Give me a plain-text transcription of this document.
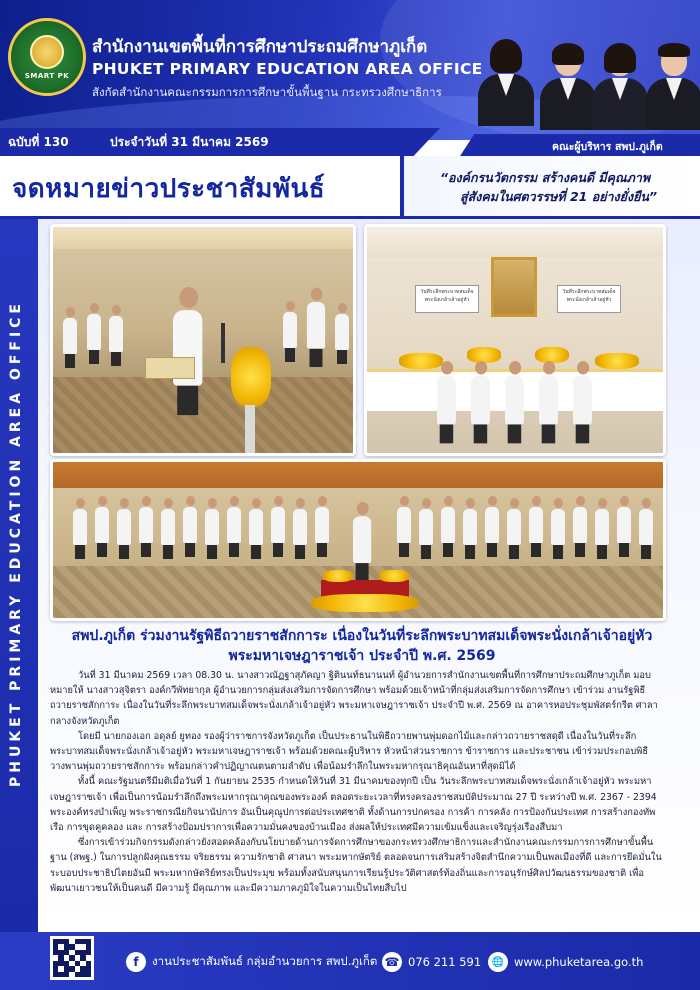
SMART PK
สำนักงานเขตพื้นที่การศึกษาประถมศึกษาภูเก็ต
PHUKET PRIMARY EDUCATION AREA OFFICE
สังกัดสำนักงานคณะกรรมการการศึกษาขั้นพื้นฐาน กระทรวงศึกษาธิการ
ฉบับที่ 130	ประจำวันที่ 31 มีนาคม 2569	คณะผู้บริหาร สพป.ภูเก็ต
จดหมายข่าวประชาสัมพันธ์	“องค์กรนวัตกรรม สร้างคนดี มีคุณภาพ
สู่สังคมในศตวรรษที่ 21 อย่างยั่งยืน”
PHUKET PRIMARY EDUCATION AREA OFFICE
วันที่ระลึกพระบาทสมเด็จพระนั่งเกล้าเจ้าอยู่หัว
วันที่ระลึกพระบาทสมเด็จพระนั่งเกล้าเจ้าอยู่หัว
สพป.ภูเก็ต ร่วมงานรัฐพิธีถวายราชสักการะ เนื่องในวันที่ระลึกพระบาทสมเด็จพระนั่งเกล้าเจ้าอยู่หัว
พระมหาเจษฎาราชเจ้า ประจำปี พ.ศ. 2569

วันที่ 31 มีนาคม 2569 เวลา 08.30 น. นางสาวณัฏฐาสุภัคญา ฐิตินนท์ธนานนท์ ผู้อำนวยการสำนักงานเขตพื้นที่การศึกษาประถมศึกษาภูเก็ต มอบหมายให้ นางสาวสุจิตรา องค์กวีพัทยากุล ผู้อำนวยการกลุ่มส่งเสริมการจัดการศึกษา พร้อมด้วยเจ้าหน้าที่กลุ่มส่งเสริมการจัดการศึกษา เข้าร่วม งานรัฐพิธีถวายราชสักการะ เนื่องในวันที่ระลึกพระบาทสมเด็จพระนั่งเกล้าเจ้าอยู่หัว พระมหาเจษฎาราชเจ้า ประจำปี พ.ศ. 2569 ณ อาคารหอประชุมพัสตร์กรีต ศาลากลางจังหวัดภูเก็ต

โดยมี นายกองเอก อดุลย์ ยูทอง รองผู้ว่าราชการจังหวัดภูเก็ต เป็นประธานในพิธีถวายพานพุ่มดอกไม้และกล่าวถวายราชสดุดี เนื่องในวันที่ระลึกพระบาทสมเด็จพระนั่งเกล้าเจ้าอยู่หัว พระมหาเจษฎาราชเจ้า พร้อมด้วยคณะผู้บริหาร หัวหน้าส่วนราชการ ข้าราชการ และประชาชน เข้าร่วมประกอบพิธี วางพานพุ่มถวายราชสักการะ พร้อมกล่าวคำปฏิญาณตนตามลำดับ เพื่อน้อมรำลึกในพระมหากรุณาธิคุณอันหาที่สุดมิได้

ทั้งนี้ คณะรัฐมนตรีมีมติเมื่อวันที่ 1 กันยายน 2535 กำหนดให้วันที่ 31 มีนาคมของทุกปี เป็น วันระลึกพระบาทสมเด็จพระนั่งเกล้าเจ้าอยู่หัว พระมหาเจษฎาราชเจ้า เพื่อเป็นการน้อมรำลึกถึงพระมหากรุณาคุณของพระองค์ ตลอดระยะเวลาที่ทรงครองราชสมบัติประมาณ 27 ปี ระหว่างปี พ.ศ. 2367 - 2394 พระองค์ทรงบำเพ็ญ พระราชกรณียกิจนานัปการ อันเป็นคุณูปการต่อประเทศชาติ ทั้งด้านการปกครอง การค้า การคลัง การป้องกันประเทศ การสร้างกองทัพเรือ การขุดคูคลอง และ การสร้างป้อมปราการเพื่อความมั่นคงของบ้านเมือง ส่งผลให้ประเทศมีความเข้มแข็งและเจริญรุ่งเรืองสืบมา

ซึ่งการเข้าร่วมกิจกรรมดังกล่าวยังสอดคล้องกับนโยบายด้านการจัดการศึกษาของกระทรวงศึกษาธิการและสำนักงานคณะกรรมการการศึกษาขั้นพื้นฐาน (สพฐ.) ในการปลูกฝังคุณธรรม จริยธรรม ความรักชาติ ศาสนา พระมหากษัตริย์ ตลอดจนการเสริมสร้างจิตสำนึกความเป็นพลเมืองที่ดี และการยึดมั่นในระบอบประชาธิปไตยอันมี พระมหากษัตริย์ทรงเป็นประมุข พร้อมทั้งสนับสนุนการเรียนรู้ประวัติศาสตร์ท้องถิ่นและการอนุรักษ์ศิลปวัฒนธรรมของชาติ เพื่อพัฒนาเยาวชนให้เป็นคนดี มีความรู้ มีคุณภาพ และมีความภาคภูมิใจในความเป็นไทยสืบไป

f	งานประชาสัมพันธ์ กลุ่มอำนวยการ สพป.ภูเก็ต ☎ 076 211 591	🌐 www.phuketarea.go.th
